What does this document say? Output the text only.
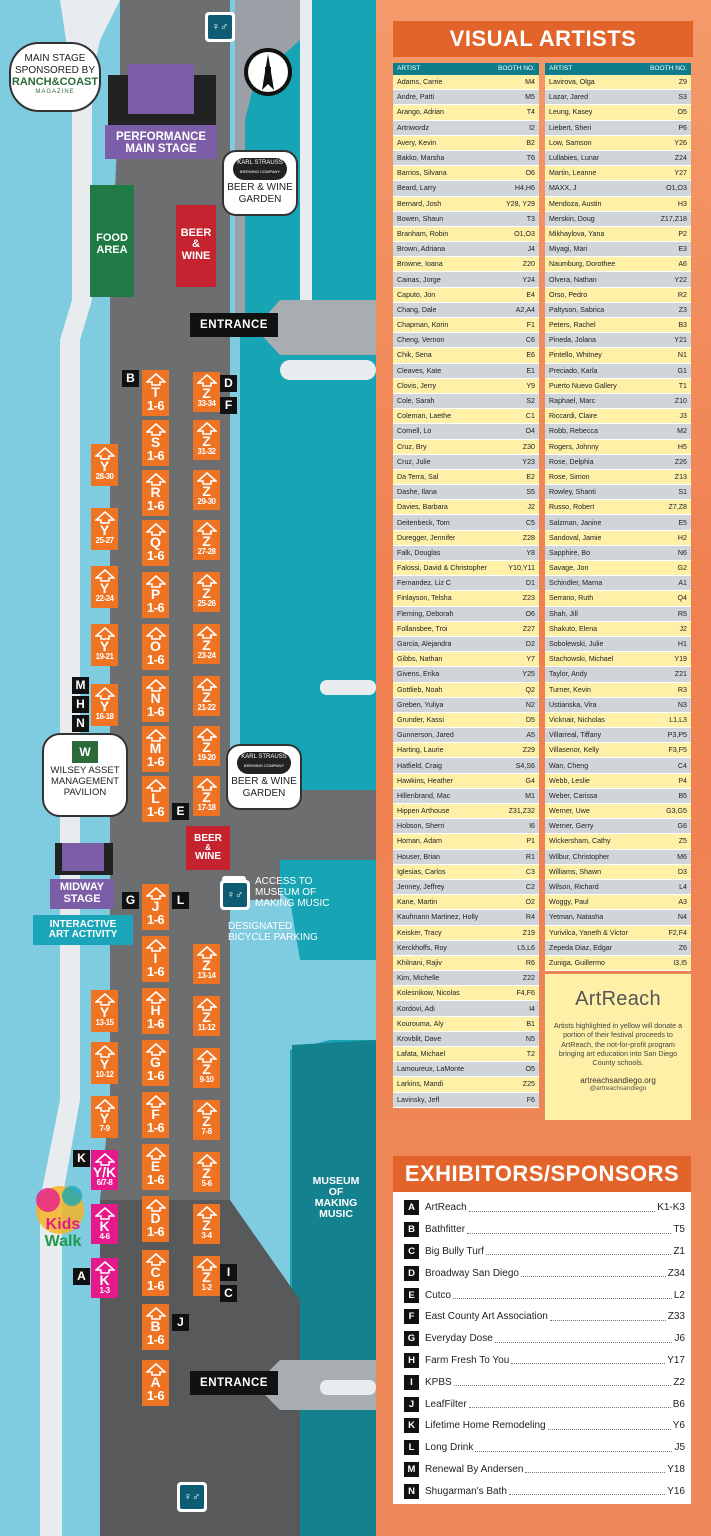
MAIN STAGE
SPONSORED BY
RANCH&COAST
MAGAZINE
PERFORMANCE
MAIN STAGE
FOOD
AREA
BEER
&
WINE
KARL STRAUSS
BREWING COMPANY
BEER & WINE
GARDEN
ENTRANCE
ENTRANCE
N
W
WILSEY ASSET
MANAGEMENT
PAVILION
KARL STRAUSS
BREWING COMPANY
BEER & WINE
GARDEN
BEER
&
WINE
MIDWAY
STAGE
INTERACTIVE
ART ACTIVITY
ACCESS TO
MUSEUM OF
MAKING MUSIC
DESIGNATED
BICYCLE PARKING
MUSEUM
OF
MAKING
MUSIC
Kids
Walk
♀♂
♀♂
♀♂
T
1-6
S
1-6
R
1-6
Q
1-6
P
1-6
O
1-6
N
1-6
M
1-6
L
1-6
J
1-6
I
1-6
H
1-6
G
1-6
F
1-6
E
1-6
D
1-6
C
1-6
B
1-6
A
1-6
Z
33-34
Z
31-32
Z
29-30
Z
27-28
Z
25-26
Z
23-24
Z
21-22
Z
19-20
Z
17-18
Z
13-14
Z
11-12
Z
9-10
Z
7-8
Z
5-6
Z
3-4
Z
1-2
Y
28-30
Y
25-27
Y
22-24
Y
19-21
Y
16-18
Y
13-15
Y
10-12
Y
7-9
Y/K
6/7-8
K
4-6
K
1-3
B	D
F
M
H
N
E
G	L
K
A	I
C
J
VISUAL ARTISTS
ARTIST	BOOTH NO.
Adams, Carrie	M4
Andre, Patti	M5
Arango, Adrian	T4
Artnwordz	I2
Avery, Kevin	B2
Bakko, Marsha	T6
Barrios, Silvana	O6
Beard, Larry	H4,H6
Bernard, Josh	Y28, Y29
Bowen, Shaun	T3
Branham, Robin	O1,O3
Brown, Adriana	J4
Browne, Ioana	Z20
Cainas, Jorge	Y24
Caputo, Jon	E4
Chang, Dale	A2,A4
Chapman, Korin	F1
Cheng, Vernon	C6
Chik, Sena	E6
Cleaves, Kate	E1
Clovis, Jerry	Y9
Cole, Sarah	S2
Coleman, Laethe	C1
Cornell, Lo	O4
Cruz, Bry	Z30
Cruz, Julie	Y23
Da Terra, Sal	E2
Dashe, Ilana	S5
Davies, Barbara	J2
Deitenbeck, Tom	C5
Duregger, Jennifer	Z28
Falk, Douglas	Y8
Falossi, David & Christopher	Y10,Y11
Fernandez, Liz C	D1
Finlayson, Telsha	Z23
Fleming, Deborah	O6
Follansbee, Troi	Z27
Garcia, Alejandra	D2
Gibbs, Nathan	Y7
Givens, Erika	Y25
Gottlieb, Noah	Q2
Greben, Yuliya	N2
Grunder, Kassi	D5
Gunnerson, Jared	A5
Harting, Laurie	Z29
Hatfield, Craig	S4,S6
Hawkins, Heather	G4
Hillenbrand, Mac	M1
Hippen Arthouse	Z31,Z32
Hobson, Sherri	I6
Homan, Adam	P1
Houser, Brian	R1
Iglesias, Carlos	C3
Jenney, Jeffrey	C2
Kane, Martin	O2
Kaufmann Martinez, Holly	R4
Keisker, Tracy	Z19
Kerckhoffs, Roy	L5,L6
Khilnani, Rajiv	R6
Kim, Michelle	Z22
Kolesnikow, Nicolas	F4,F6
Kordovi, Adi	I4
Kouroumа, Aly	B1
Krovblit, Dave	N5
Lafata, Michael	T2
Lamoureux, LaMonte	O5
Larkins, Mandi	Z25
Lavinsky, Jeff	F6
ARTIST	BOOTH NO.
Lavirova, Olga	Z9
Lazar, Jared	S3
Leung, Kasey	O5
Liebert, Sheri	P6
Low, Samson	Y26
Lullabies, Lunar	Z24
Martin, Leanne	Y27
MAXX, J	O1,O3
Mendoza, Austin	H3
Merskin, Doug	Z17,Z18
Mikhaylova, Yana	P2
Miyagi, Mari	E3
Naumburg, Dorothee	A6
Olvera, Nathan	Y22
Orso, Pedro	R2
Paltyson, Sabrica	Z3
Peters, Rachel	B3
Pineda, Jolana	Y21
Pintello, Whitney	N1
Preciado, Karla	G1
Puerto Nuevo Gallery	T1
Raphael, Marc	Z10
Riccardi, Claire	J3
Robb, Rebecca	M2
Rogers, Johnny	H5
Rose, Delphia	Z26
Rose, Simon	Z13
Rowley, Shanti	S1
Russo, Robert	Z7,Z8
Salzman, Janine	E5
Sandoval, Jamie	H2
Sapphire, Bo	N6
Savage, Jon	G2
Schindler, Marna	A1
Serrano, Ruth	Q4
Shah, Jill	R5
Shakuto, Elena	J2
Sobolewski, Julie	H1
Stachowski, Michael	Y19
Taylor, Andy	Z21
Turner, Kevin	R3
Ustianska, Vira	N3
Vicknair, Nicholas	L1,L3
Villarreal, Tiffany	P3,P5
Villasenor, Kelly	F3,F5
Wan, Cheng	C4
Webb, Leslie	P4
Weber, Carissa	B5
Werner, Uwe	G3,G5
Werner, Gerry	G6
Wickersham, Cathy	Z5
Wilbur, Christopher	M6
Williams, Shawn	D3
Wilson, Richard	L4
Woggy, Paul	A3
Yetman, Natasha	N4
Yurivilca, Yaneth & Victor	F2,F4
Zepeda Diaz, Edgar	Z6
Zuniga, Guillermo	I3,I5
ArtReach
Artists highlighted in yellow will donate a portion of their festival proceeds to ArtReach, the not-for-profit program bringing art education into San Diego County schools.
artreachsandiego.org
@artreachsandiego
EXHIBITORS/SPONSORS
A	ArtReach	K1-K3
B	Bathfitter	T5
C	Big Bully Turf	Z1
D	Broadway San Diego	Z34
E	Cutco	L2
F	East County Art Association	Z33
G Everyday Dose	J6
H	Farm Fresh To You	Y17
I	KPBS	Z2
J	LeafFilter	B6
K	Lifetime Home Remodeling	Y6
L	Long Drink	J5
M Renewal By Andersen	Y18
N	Shugarman's Bath	Y16
